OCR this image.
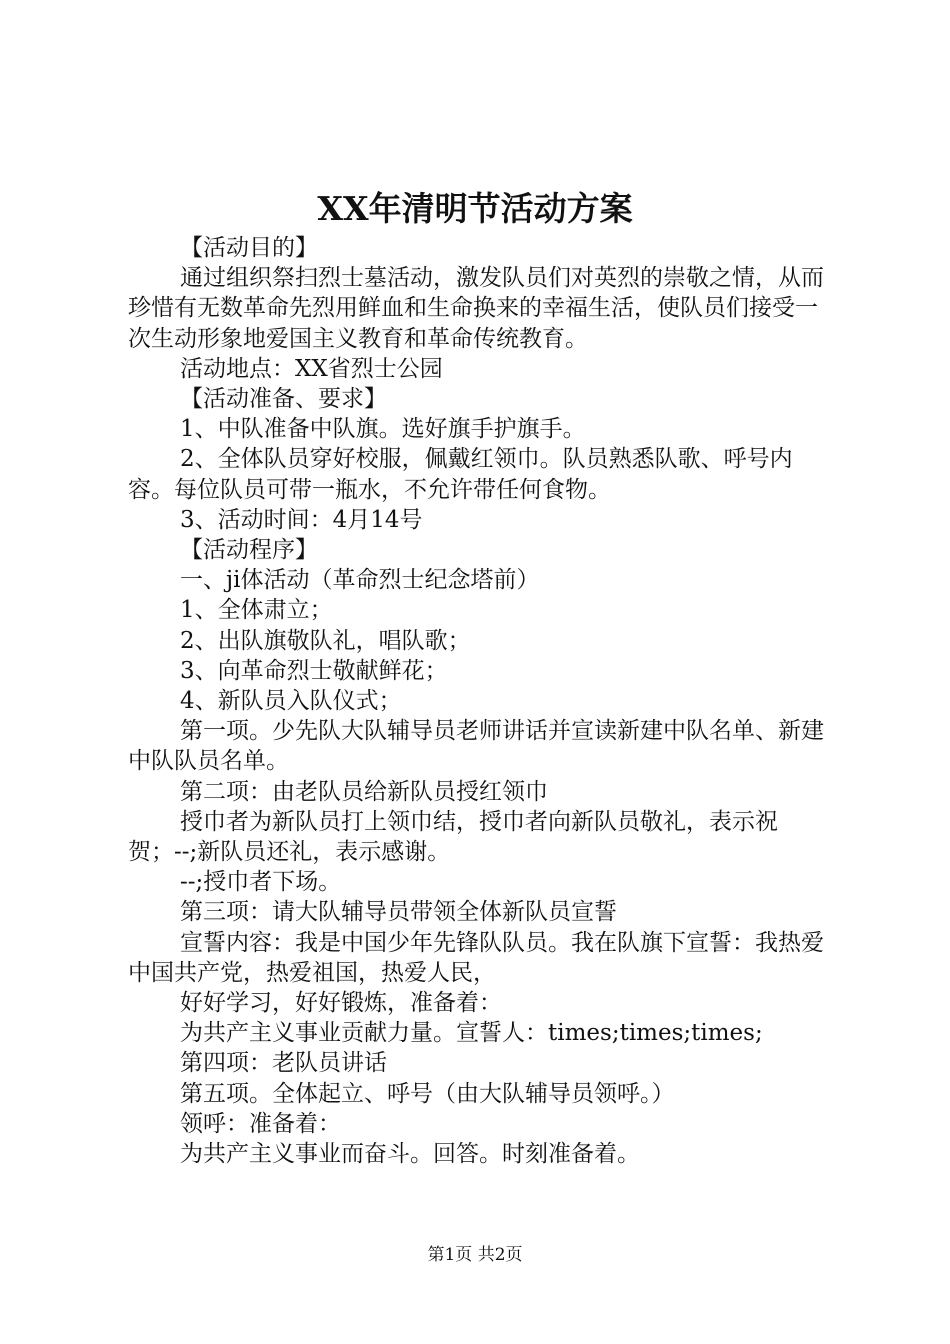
XX年清明节活动方案

【活动目的】

通过组织祭扫烈士墓活动，激发队员们对英烈的崇敬之情，从而珍惜有无数革命先烈用鲜血和生命换来的幸福生活，使队员们接受一次生动形象地爱国主义教育和革命传统教育。

活动地点：XX省烈士公园

【活动准备、要求】

1、中队准备中队旗。选好旗手护旗手。

2、全体队员穿好校服，佩戴红领巾。队员熟悉队歌、呼号内容。每位队员可带一瓶水，不允许带任何食物。

3、活动时间：4月14号

【活动程序】

一、ji体活动（革命烈士纪念塔前）

1、全体肃立；

2、出队旗敬队礼，唱队歌；

3、向革命烈士敬献鲜花；

4、新队员入队仪式；

第一项。少先队大队辅导员老师讲话并宣读新建中队名单、新建中队队员名单。

第二项：由老队员给新队员授红领巾

授巾者为新队员打上领巾结，授巾者向新队员敬礼，表示祝贺；--;新队员还礼，表示感谢。

--;授巾者下场。

第三项：请大队辅导员带领全体新队员宣誓

宣誓内容：我是中国少年先锋队队员。我在队旗下宣誓：我热爱中国共产党，热爱祖国，热爱人民，

好好学习，好好锻炼，准备着：

为共产主义事业贡献力量。宣誓人：times;times;times;

第四项：老队员讲话

第五项。全体起立、呼号（由大队辅导员领呼。）

领呼：准备着：

为共产主义事业而奋斗。回答。时刻准备着。

第1页 共2页
